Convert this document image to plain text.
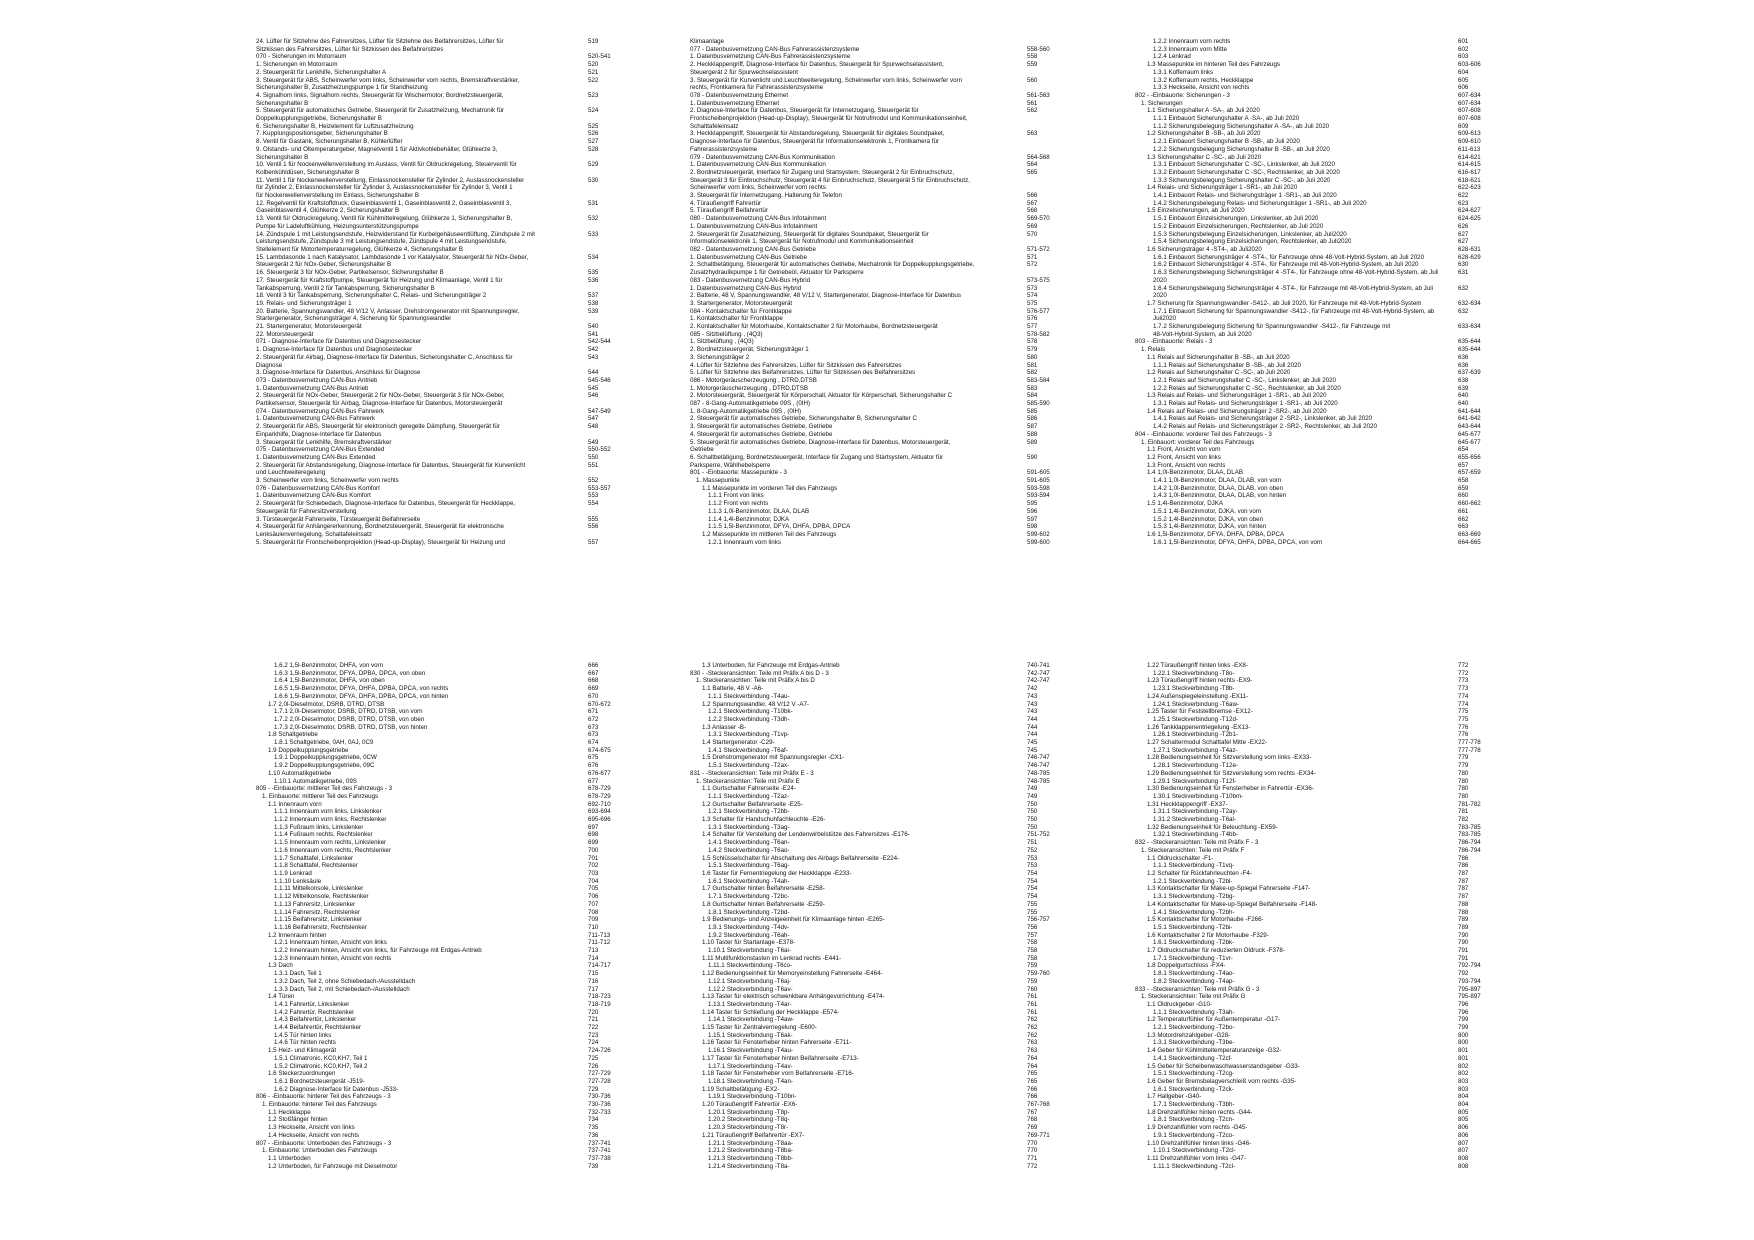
24. Lüfter für Sitzlehne des Fahrersitzes, Lüfter für Sitzlehne des Beifahrersitzes, Lüfter für	519
Sitzkissen des Fahrersitzes, Lüfter für Sitzkissen des Beifahrersitzes
070 - Sicherungen im Motorraum	520-541
1. Sicherungen im Motorraum	520
2. Steuergerät für Lenkhilfe, Sicherungshalter A	521
3. Steuergerät für ABS, Scheinwerfer vorn links, Scheinwerfer vorn rechts, Bremskraftverstärker,	522
Sicherungshalter B, Zusatzheizungspumpe 1 für Standheizung
4. Signalhorn links, Signalhorn rechts, Steuergerät für Wischermotor, Bordnetzsteuergerät,	523
Sicherungshalter B
5. Steuergerät für automatisches Getriebe, Steuergerät für Zusatzheizung, Mechatronik für	524
Doppelkupplungsgetriebe, Sicherungshalter B
6. Sicherungshalter B, Heizelement für Luftzusatzheizung	525
7. Kupplungspositionsgeber, Sicherungshalter B	526
8. Ventil für Gastank, Sicherungshalter B, Kühlerlüfter	527
9. Ölstands- und Öltemperaturgeber, Magnetventil 1 für Aktivkohlebehälter, Glühkerze 3,	528
Sicherungshalter B
10. Ventil 1 für Nockenwellenverstellung im Auslass, Ventil für Öldruckregelung, Steuerventil für	529
Kolbenkühldüsen, Sicherungshalter B
11. Ventil 1 für Nockenwellenverstellung, Einlassnockensteller für Zylinder 2, Auslassnockensteller	530
für Zylinder 2, Einlassnockensteller für Zylinder 3, Auslassnockensteller für Zylinder 3, Ventil 1
für Nockenwellenverstellung im Einlass, Sicherungshalter B
12. Regelventil für Kraftstoffdruck, Gaseinblasventil 1, Gaseinblasventil 2, Gaseinblasventil 3,	531
Gaseinblasventil 4, Glühkerze 2, Sicherungshalter B
13. Ventil für Öldruckregelung, Ventil für Kühlmittelregelung, Glühkerze 1, Sicherungshalter B,	532
Pumpe für Ladeluftkühlung, Heizungsunterstützungspumpe
14. Zündspule 1 mit Leistungsendstufe, Heizwiderstand für Kurbelgehäuseentlüftung, Zündspule 2 mit	533
Leistungsendstufe, Zündspule 3 mit Leistungsendstufe, Zündspule 4 mit Leistungsendstufe,
Stellelement für Motortemperaturregelung, Glühkerze 4, Sicherungshalter B
15. Lambdasonde 1 nach Katalysator, Lambdasonde 1 vor Katalysator, Steuergerät für NOx-Geber,	534
Steuergerät 2 für NOx-Geber, Sicherungshalter B
16. Steuergerät 3 für NOx-Geber, Partikelsensor, Sicherungshalter B	535
17. Steuergerät für Kraftstoffpumpe, Steuergerät für Heizung und Klimaanlage, Ventil 1 für	536
Tankabsperrung, Ventil 2 für Tankabsperrung, Sicherungshalter B
18. Ventil 3 für Tankabsperrung, Sicherungshalter C, Relais- und Sicherungsträger 2	537
19. Relais- und Sicherungsträger 1	538
20. Batterie, Spannungswandler, 48 V/12 V, Anlasser, Drehstromgenerator mit Spannungsregler,	539
Startergenerator, Sicherungsträger 4, Sicherung für Spannungswandler
21. Startergenerator, Motorsteuergerät	540
22. Motorsteuergerät	541
071 - Diagnose-Interface für Datenbus und Diagnosestecker	542-544
1. Diagnose-Interface für Datenbus und Diagnosestecker	542
2. Steuergerät für Airbag, Diagnose-Interface für Datenbus, Sicherungshalter C, Anschluss für	543
Diagnose
3. Diagnose-Interface für Datenbus, Anschluss für Diagnose	544
073 - Datenbusvernetzung CAN-Bus Antrieb	545-546
1. Datenbusvernetzung CAN-Bus Antrieb	545
2. Steuergerät für NOx-Geber, Steuergerät 2 für NOx-Geber, Steuergerät 3 für NOx-Geber,	546
Partikelsensor, Steuergerät für Airbag, Diagnose-Interface für Datenbus, Motorsteuergerät
074 - Datenbusvernetzung CAN-Bus Fahrwerk	547-549
1. Datenbusvernetzung CAN-Bus Fahrwerk	547
2. Steuergerät für ABS, Steuergerät für elektronisch geregelte Dämpfung, Steuergerät für	548
Einparkhilfe, Diagnose-Interface für Datenbus
3. Steuergerät für Lenkhilfe, Bremskraftverstärker	549
075 - Datenbusvernetzung CAN-Bus Extended	550-552
1. Datenbusvernetzung CAN-Bus Extended	550
2. Steuergerät für Abstandsregelung, Diagnose-Interface für Datenbus, Steuergerät für Kurvenlicht	551
und Leuchtweiteregelung
3. Scheinwerfer vorn links, Scheinwerfer vorn rechts	552
076 - Datenbusvernetzung CAN-Bus Komfort	553-557
1. Datenbusvernetzung CAN-Bus Komfort	553
2. Steuergerät für Schiebedach, Diagnose-Interface für Datenbus, Steuergerät für Heckklappe,	554
Steuergerät für Fahrersitzverstellung
3. Türsteuergerät Fahrerseite, Türsteuergerät Beifahrerseite	555
4. Steuergerät für Anhängererkennung, Bordnetzsteuergerät, Steuergerät für elektronische	556
Lenksäulenverriegelung, Schaltafeleinsatz
5. Steuergerät für Frontscheibenprojektion (Head-up-Display), Steuergerät für Heizung und	557
Klimaanlage
077 - Datenbusvernetzung CAN-Bus Fahrerassistenzsysteme	558-560
1. Datenbusvernetzung CAN-Bus Fahrerassistenzsysteme	558
2. Heckklappengriff, Diagnose-Interface für Datenbus, Steuergerät für Spurwechselassistent,	559
Steuergerät 2 für Spurwechselassistent
3. Steuergerät für Kurvenlicht und Leuchtweiteregelung, Scheinwerfer vorn links, Scheinwerfer vorn	560
rechts, Frontkamera für Fahrerassistenzsysteme
078 - Datenbusvernetzung Ethernet	561-563
1. Datenbusvernetzung Ethernet	561
2. Diagnose-Interface für Datenbus, Steuergerät für Internetzugang, Steuergerät für	562
Frontscheibenprojektion (Head-up-Display), Steuergerät für Notrufmodul und Kommunikationseinheit,
Schalttafeleinsatz
3. Heckklappengriff, Steuergerät für Abstandsregelung, Steuergerät für digitales Soundpaket,	563
Diagnose-Interface für Datenbus, Steuergerät für Informationselektronik 1, Frontkamera für
Fahrerassistenzsysteme
079 - Datenbusvernetzung CAN-Bus Kommunikation	564-568
1. Datenbusvernetzung CAN-Bus Kommunikation	564
2. Bordnetzsteuergerät, Interface für Zugang und Startsystem, Steuergerät 2 für Einbruchschutz,	565
Steuergerät 3 für Einbruchschutz, Steuergerät 4 für Einbruchschutz, Steuergerät 5 für Einbruchschutz,
Scheinwerfer vorn links, Scheinwerfer vorn rechts
3. Steuergerät für Internetzugang, Halterung für Telefon	566
4. Türaußengriff Fahrertür	567
5. Türaußengriff Beifahrertür	568
080 - Datenbusvernetzung CAN-Bus Infotainment	569-570
1. Datenbusvernetzung CAN-Bus Infotainment	569
2. Steuergerät für Zusatzheizung, Steuergerät für digitales Soundpaket, Steuergerät für	570
Informationselektronik 1, Steuergerät für Notrufmodul und Kommunikationseinheit
082 - Datenbusvernetzung CAN-Bus Getriebe	571-572
1. Datenbusvernetzung CAN-Bus Getriebe	571
2. Schaltbetätigung, Steuergerät für automatisches Getriebe, Mechatronik für Doppelkupplungsgetriebe,	572
Zusatzhydraulikpumpe 1 für Getriebeöl, Aktuator für Parksperre
083 - Datenbusvernetzung CAN-Bus Hybrid	573-575
1. Datenbusvernetzung CAN-Bus Hybrid	573
2. Batterie, 48 V, Spannungswandler, 48 V/12 V, Startergenerator, Diagnose-Interface für Datenbus	574
3. Startergenerator, Motorsteuergerät	575
084 - Kontaktschalter für Frontklappe	576-577
1. Kontaktschalter für Frontklappe	576
2. Kontaktschalter für Motorhaube, Kontaktschalter 2 für Motorhaube, Bordnetzsteuergerät	577
085 - Sitzbelüftung , (4Q3)	578-582
1. Sitzbelüftung , (4Q3)	578
2. Bordnetzsteuergerät, Sicherungsträger 1	579
3. Sicherungsträger 2	580
4. Lüfter für Sitzlehne des Fahrersitzes, Lüfter für Sitzkissen des Fahrersitzes	581
5. Lüfter für Sitzlehne des Beifahrersitzes, Lüfter für Sitzkissen des Beifahrersitzes	582
086 - Motorgeräuscherzeugung , DTRD,DTSB	583-584
1. Motorgeräuscherzeugung , DTRD,DTSB	583
2. Motorsteuergerät, Steuergerät für Körperschall, Aktuator für Körperschall, Sicherungshalter C	584
087 - 8-Gang-Automatikgetriebe 09S , (0IH)	585-590
1. 8-Gang-Automatikgetriebe 09S , (0IH)	585
2. Steuergerät für automatisches Getriebe, Sicherungshalter B, Sicherungshalter C	586
3. Steuergerät für automatisches Getriebe, Getriebe	587
4. Steuergerät für automatisches Getriebe, Getriebe	588
5. Steuergerät für automatisches Getriebe, Diagnose-Interface für Datenbus, Motorsteuergerät,	589
Getriebe
6. Schaltbetätigung, Bordnetzsteuergerät, Interface für Zugang und Startsystem, Aktuator für	590
Parksperre, Wählhebelsperre
801 - -Einbauorte: Massepunkte - 3	591-605
1. Massepunkte	591-605
1.1 Massepunkte im vorderen Teil des Fahrzeugs	593-598
1.1.1 Front von links	593-594
1.1.2 Front von rechts	595
1.1.3 1,0l-Benzinmotor, DLAA, DLAB	596
1.1.4 1,4l-Benzinmotor, DJKA	597
1.1.5 1,5l-Benzinmotor, DFYA, DHFA, DPBA, DPCA	598
1.2 Massepunkte im mittleren Teil des Fahrzeugs	599-602
1.2.1 Innenraum vorn links	599-600
1.2.2 Innenraum vorn rechts	601
1.2.3 Innenraum vorn Mitte	602
1.2.4 Lenkrad	603
1.3 Massepunkte im hinteren Teil des Fahrzeugs	603-606
1.3.1 Kofferraum links	604
1.3.2 Kofferraum rechts, Heckklappe	605
1.3.3 Heckseite, Ansicht von rechts	606
802 - -Einbauorte: Sicherungen - 3	607-634
1. Sicherungen	607-634
1.1 Sicherungshalter A -SA-, ab Juli 2020	607-608
1.1.1 Einbauort Sicherungshalter A -SA-, ab Juli 2020	607-608
1.1.2 Sicherungsbelegung Sicherungshalter A -SA-, ab Juli 2020	609
1.2 Sicherungshalter B -SB-, ab Juli 2020	609-613
1.2.1 Einbauort Sicherungshalter B -SB-, ab Juli 2020	609-610
1.2.2 Sicherungsbelegung Sicherungshalter B -SB-, ab Juli 2020	611-613
1.3 Sicherungshalter C -SC-, ab Juli 2020	614-621
1.3.1 Einbauort Sicherungshalter C -SC-, Linkslenker, ab Juli 2020	614-615
1.3.2 Einbauort Sicherungshalter C -SC-, Rechtslenker, ab Juli 2020	616-617
1.3.3 Sicherungsbelegung Sicherungshalter C -SC-, ab Juli 2020	618-621
1.4 Relais- und Sicherungsträger 1 -SR1-, ab Juli 2020	622-623
1.4.1 Einbauort Relais- und Sicherungsträger 1 -SR1-, ab Juli 2020	622
1.4.2 Sicherungsbelegung Relais- und Sicherungsträger 1 -SR1-, ab Juli 2020	623
1.5 Einzelsicherungen, ab Juli 2020	624-627
1.5.1 Einbauort Einzelsicherungen, Linkslenker, ab Juli 2020	624-625
1.5.2 Einbauort Einzelsicherungen, Rechtslenker, ab Juli 2020	626
1.5.3 Sicherungsbelegung Einzelsicherungen, Linkslenker, ab Juli2020	627
1.5.4 Sicherungsbelegung Einzelsicherungen, Rechtslenker, ab Juli2020	627
1.6 Sicherungsträger 4 -ST4-, ab Juli2020	628-631
1.6.1 Einbauort Sicherungsträger 4 -ST4-, für Fahrzeuge ohne 48-Volt-Hybrid-System, ab Juli 2020	628-629
1.6.2 Einbauort Sicherungsträger 4 -ST4-, für Fahrzeuge mit 48-Volt-Hybrid-System, ab Juli 2020	630
1.6.3 Sicherungsbelegung Sicherungsträger 4 -ST4-, für Fahrzeuge ohne 48-Volt-Hybrid-System, ab Juli	631
2020
1.6.4 Sicherungsbelegung Sicherungsträger 4 -ST4-, für Fahrzeuge mit 48-Volt-Hybrid-System, ab Juli	632
2020
1.7 Sicherung für Spannungswandler -S412-, ab Juli 2020, für Fahrzeuge mit 48-Volt-Hybrid-System	632-634
1.7.1 Einbauort Sicherung für Spannungswandler -S412-, für Fahrzeuge mit 48-Volt-Hybrid-System, ab	632
Juli2020
1.7.2 Sicherungsbelegung Sicherung für Spannungswandler -S412-, für Fahrzeuge mit	633-634
48-Volt-Hybrid-System, ab Juli 2020
803 - -Einbauorte: Relais - 3	635-644
1. Relais	635-644
1.1 Relais auf Sicherungshalter B -SB-, ab Juli 2020	636
1.1.1 Relais auf Sicherungshalter B -SB-, ab Juli 2020	636
1.2 Relais auf Sicherungshalter C -SC-, ab Juli 2020	637-639
1.2.1 Relais auf Sicherungshalter C -SC-, Linkslenker, ab Juli 2020	638
1.2.2 Relais auf Sicherungshalter C -SC-, Rechtslenker, ab Juli 2020	639
1.3 Relais auf Relais- und Sicherungsträger 1 -SR1-, ab Juli 2020	640
1.3.1 Relais auf Relais- und Sicherungsträger 1 -SR1-, ab Juli 2020	640
1.4 Relais auf Relais- und Sicherungsträger 2 -SR2-, ab Juli 2020	641-644
1.4.1 Relais auf Relais- und Sicherungsträger 2 -SR2-, Linkslenker, ab Juli 2020	641-642
1.4.2 Relais auf Relais- und Sicherungsträger 2 -SR2-, Rechtslenker, ab Juli 2020	643-644
804 - -Einbauorte: vorderer Teil des Fahrzeugs - 3	645-677
1. Einbauort: vorderer Teil des Fahrzeugs	645-677
1.1 Front, Ansicht von vorn	654
1.2 Front, Ansicht von links	655-656
1.3 Front, Ansicht von rechts	657
1.4 1,0l-Benzinmotor, DLAA, DLAB	657-659
1.4.1 1,0l-Benzinmotor, DLAA, DLAB, von vorn	658
1.4.2 1,0l-Benzinmotor, DLAA, DLAB, von oben	659
1.4.3 1,0l-Benzinmotor, DLAA, DLAB, von hinten	660
1.5 1,4l-Benzinmotor, DJKA	660-662
1.5.1 1,4l-Benzinmotor, DJKA, von vorn	661
1.5.2 1,4l-Benzinmotor, DJKA, von oben	662
1.5.3 1,4l-Benzinmotor, DJKA, von hinten	663
1.6 1,5l-Benzinmotor, DFYA, DHFA, DPBA, DPCA	663-669
1.6.1 1,5l-Benzinmotor, DFYA, DHFA, DPBA, DPCA, von vorn	664-665
1.6.2 1,5l-Benzinmotor, DHFA, von vorn	666
1.6.3 1,5l-Benzinmotor, DFYA, DPBA, DPCA, von oben	667
1.6.4 1,5l-Benzinmotor, DHFA, von oben	668
1.6.5 1,5l-Benzinmotor, DFYA, DHFA, DPBA, DPCA, von rechts	669
1.6.6 1,5l-Benzinmotor, DFYA, DHFA, DPBA, DPCA, von hinten	670
1.7 2,0l-Dieselmotor, DSRB, DTRD, DTSB	670-672
1.7.1 2,0l-Dieselmotor, DSRB, DTRD, DTSB, von vorn	671
1.7.2 2,0l-Dieselmotor, DSRB, DTRD, DTSB, von oben	672
1.7.3 2,0l-Dieselmotor, DSRB, DTRD, DTSB, von hinten	673
1.8 Schaltgetriebe	673
1.8.1 Schaltgetriebe, 0AH, 0AJ, 0C9	674
1.9 Doppelkupplungsgetriebe	674-675
1.9.1 Doppelkupplungsgetriebe, 0CW	675
1.9.2 Doppelkupplungsgetriebe, 09C	676
1.10 Automatikgetriebe	676-677
1.10.1 Automatikgetriebe, 09S	677
805 - -Einbauorte: mittlerer Teil des Fahrzeugs - 3	678-729
1. Einbauorte: mittlerer Teil des Fahrzeugs	678-729
1.1 Innenraum vorn	692-710
1.1.1 Innenraum vorn links, Linkslenker	693-694
1.1.2 Innenraum vorn links, Rechtslenker	695-696
1.1.3 Fußraum links, Linkslenker	697
1.1.4 Fußraum rechts, Rechtslenker	698
1.1.5 Innenraum vorn rechts, Linkslenker	699
1.1.6 Innenraum vorn rechts, Rechtslenker	700
1.1.7 Schalttafel, Linkslenker	701
1.1.8 Schalttafel, Rechtslenker	702
1.1.9 Lenkrad	703
1.1.10 Lenksäule	704
1.1.11 Mittelkonsole, Linkslenker	705
1.1.12 Mittelkonsole, Rechtslenker	706
1.1.13 Fahrersitz, Linkslenker	707
1.1.14 Fahrersitz, Rechtslenker	708
1.1.15 Beifahrersitz, Linkslenker	709
1.1.16 Beifahrersitz, Rechtslenker	710
1.2 Innenraum hinten	711-713
1.2.1 Innenraum hinten, Ansicht von links	711-712
1.2.2 Innenraum hinten, Ansicht von links, für Fahrzeuge mit Erdgas-Antrieb	713
1.2.3 Innenraum hinten, Ansicht von rechts	714
1.3 Dach	714-717
1.3.1 Dach, Teil 1	715
1.3.2 Dach, Teil 2, ohne Schiebedach-/Ausstelldach	716
1.3.3 Dach, Teil 2, mit Schiebedach-/Ausstelldach	717
1.4 Türen	718-723
1.4.1 Fahrertür, Linkslenker	718-719
1.4.2 Fahrertür, Rechtslenker	720
1.4.3 Beifahrertür, Linkslenker	721
1.4.4 Beifahrertür, Rechtslenker	722
1.4.5 Tür hinten links	723
1.4.6 Tür hinten rechts	724
1.5 Heiz- und Klimagerät	724-726
1.5.1 Climatronic, KC0,KH7, Teil 1	725
1.5.2 Climatronic, KC0,KH7, Teil 2	726
1.6 Steckerzuordnungen	727-729
1.6.1 Bordnetzsteuergerät -J519-	727-728
1.6.2 Diagnose-Interface für Datenbus -J533-	729
806 - -Einbauorte: hinterer Teil des Fahrzeugs - 3	730-736
1. Einbauorte: hinterer Teil des Fahrzeugs	730-736
1.1 Heckklappe	732-733
1.2 Stoßfänger hinten	734
1.3 Heckseite, Ansicht von links	735
1.4 Heckseite, Ansicht von rechts	736
807 - -Einbauorte: Unterboden des Fahrzeugs - 3	737-741
1. Einbauorte: Unterboden des Fahrzeugs	737-741
1.1 Unterboden	737-738
1.2 Unterboden, für Fahrzeuge mit Dieselmotor	739
1.3 Unterboden, für Fahrzeuge mit Erdgas-Antrieb	740-741
830 - -Steckeransichten: Teile mit Präfix A bis D - 3	742-747
1. Steckeransichten: Teile mit Präfix A bis D	742-747
1.1 Batterie, 48 V -A6-	742
1.1.1 Steckverbindung -T4au-	743
1.2 Spannungswandler, 48 V/12 V -A7-	743
1.2.1 Steckverbindung -T10bk-	743
1.2.2 Steckverbindung -T3dh-	744
1.3 Anlasser -B-	744
1.3.1 Steckverbindung -T1vp-	744
1.4 Startergenerator -C29-	745
1.4.1 Steckverbindung -T6af-	745
1.5 Drehstromgenerator mit Spannungsregler -CX1-	746-747
1.5.1 Steckverbindung -T2ax-	746-747
831 - -Steckeransichten: Teile mit Präfix E - 3	748-785
1. Steckeransichten: Teile mit Präfix E	748-785
1.1 Gurtschalter Fahrerseite -E24-	749
1.1.1 Steckverbindung -T2az-	749
1.2 Gurtschalter Beifahrerseite -E25-	750
1.2.1 Steckverbindung -T2bb-	750
1.3 Schalter für Handschuhfachleuchte -E26-	750
1.3.1 Steckverbindung -T3ag-	750
1.4 Schalter für Verstellung der Lendenwirbelstütze des Fahrersitzes -E176-	751-752
1.4.1 Steckverbindung -T6an-	751
1.4.2 Steckverbindung -T6ao-	752
1.5 Schlüsselschalter für Abschaltung des Airbags Beifahrerseite -E224-	753
1.5.1 Steckverbindung -T6ag-	753
1.6 Taster für Fernentriegelung der Heckklappe -E233-	754
1.6.1 Steckverbindung -T4ah-	754
1.7 Gurtschalter hinten Beifahrerseite -E258-	754
1.7.1 Steckverbindung -T2bc-	754
1.8 Gurtschalter hinten Beifahrerseite -E259-	755
1.8.1 Steckverbindung -T2bd-	755
1.9 Bedienungs- und Anzeigeeinheit für Klimaanlage hinten -E265-	756-757
1.9.1 Steckverbindung -T4dv-	756
1.9.2 Steckverbindung -T6ah-	757
1.10 Taster für Startanlage -E378-	758
1.10.1 Steckverbindung -T6ai-	758
1.11 Multifunktionstasten im Lenkrad rechts -E441-	758
1.11.1 Steckverbindung -T6co-	759
1.12 Bedienungseinheit für Memoryeinstellung Fahrerseite -E464-	759-760
1.12.1 Steckverbindung -T6aj-	759
1.12.2 Steckverbindung -T6av-	760
1.13 Taster für elektrisch schwenkbare Anhängevorrichtung -E474-	761
1.13.1 Steckverbindung -T4ar-	761
1.14 Taster für Schließung der Heckklappe -E574-	761
1.14.1 Steckverbindung -T4aw-	762
1.15 Taster für Zentralverriegelung -E600-	762
1.15.1 Steckverbindung -T6ak-	762
1.16 Taster für Fensterheber hinten Fahrerseite -E711-	763
1.16.1 Steckverbindung -T4au-	763
1.17 Taster für Fensterheber hinten Beifahrerseite -E713-	764
1.17.1 Steckverbindung -T4av-	764
1.18 Taster für Fensterheber vorn Beifahrerseite -E716-	765
1.18.1 Steckverbindung -T4an-	765
1.19 Schaltbetätigung -EX2-	766
1.19.1 Steckverbindung -T10bn-	766
1.20 Türaußengriff Fahrertür -EX6-	767-768
1.20.1 Steckverbindung -T8p-	767
1.20.2 Steckverbindung -T8q-	768
1.20.3 Steckverbindung -T8r-	769
1.21 Türaußengriff Beifahrertür -EX7-	769-771
1.21.1 Steckverbindung -T8aa-	770
1.21.2 Steckverbindung -T8ba-	770
1.21.3 Steckverbindung -T8bb-	771
1.21.4 Steckverbindung -T8a-	772
1.22 Türaußengriff hinten links -EX8-	772
1.22.1 Steckverbindung -T8o-	772
1.23 Türaußengriff hinten rechts -EX9-	773
1.23.1 Steckverbindung -T8b-	773
1.24 Außenspiegeleinstellung -EX11-	774
1.24.1 Steckverbindung -T6aw-	774
1.25 Taster für Feststellbremse -EX12-	775
1.25.1 Steckverbindung -T12d-	775
1.26 Tankklappenentriegelung -EX13-	776
1.26.1 Steckverbindung -T2b1-	776
1.27 Schaltermodul Schalttafel Mitte -EX22-	777-778
1.27.1 Steckverbindung -T4az-	777-778
1.28 Bedienungseinheit für Sitzverstellung vorn links -EX33-	779
1.28.1 Steckverbindung -T12e-	779
1.29 Bedienungseinheit für Sitzverstellung vorn rechts -EX34-	780
1.29.1 Steckverbindung -T12f-	780
1.30 Bedienungseinheit für Fensterheber in Fahrertür -EX36-	780
1.30.1 Steckverbindung -T10bm-	780
1.31 Heckklappengriff -EX37-	781-782
1.31.1 Steckverbindung -T2ay-	781
1.31.2 Steckverbindung -T6al-	782
1.32 Bedienungseinheit für Beleuchtung -EX59-	783-785
1.32.1 Steckverbindung -T4bb-	783-785
832 - -Steckeransichten: Teile mit Präfix F - 3	786-794
1. Steckeransichten: Teile mit Präfix F	786-794
1.1 Öldruckschalter -F1-	786
1.1.1 Steckverbindung -T1vq-	786
1.2 Schalter für Rückfahrleuchten -F4-	787
1.2.1 Steckverbindung -T2bl-	787
1.3 Kontaktschalter für Make-up-Spiegel Fahrerseite -F147-	787
1.3.1 Steckverbindung -T2bg-	787
1.4 Kontaktschalter für Make-up-Spiegel Beifahrerseite -F148-	788
1.4.1 Steckverbindung -T2bh-	788
1.5 Kontaktschalter für Motorhaube -F266-	789
1.5.1 Steckverbindung -T2bi-	789
1.6 Kontaktschalter 2 für Motorhaube -F329-	790
1.6.1 Steckverbindung -T2bk-	790
1.7 Öldruckschalter für reduzierten Öldruck -F378-	791
1.7.1 Steckverbindung -T1vr-	791
1.8 Doppelgurtschloss -FX4-	792-794
1.8.1 Steckverbindung -T4ao-	792
1.8.2 Steckverbindung -T4ap-	793-794
833 - -Steckeransichten: Teile mit Präfix G - 3	795-897
1. Steckeransichten: Teile mit Präfix G	795-897
1.1 Öldruckgeber -G10-	796
1.1.1 Steckverbindung -T3ah-	796
1.2 Temperaturfühler für Außentemperatur -G17-	799
1.2.1 Steckverbindung -T2bo-	799
1.3 Motordrehzahlgeber -G28-	800
1.3.1 Steckverbindung -T3be-	800
1.4 Geber für Kühlmitteltemperaturanzeige -G32-	801
1.4.1 Steckverbindung -T2cf-	801
1.5 Geber für Scheibenwaschwasserstandsgeber -G33-	802
1.5.1 Steckverbindung -T2cg-	802
1.6 Geber für Bremsbelagverschleiß vorn rechts -G35-	803
1.6.1 Steckverbindung -T2ck-	803
1.7 Hallgeber -G40-	804
1.7.1 Steckverbindung -T3bh-	804
1.8 Drehzahlfühler hinten rechts -G44-	805
1.8.1 Steckverbindung -T2cn-	805
1.9 Drehzahlfühler vorn rechts -G45-	806
1.9.1 Steckverbindung -T2co-	806
1.10 Drehzahlfühler hinten links -G46-	807
1.10.1 Steckverbindung -T2cl-	807
1.11 Drehzahlfühler vorn links -G47-	808
1.11.1 Steckverbindung -T2cl-	808
